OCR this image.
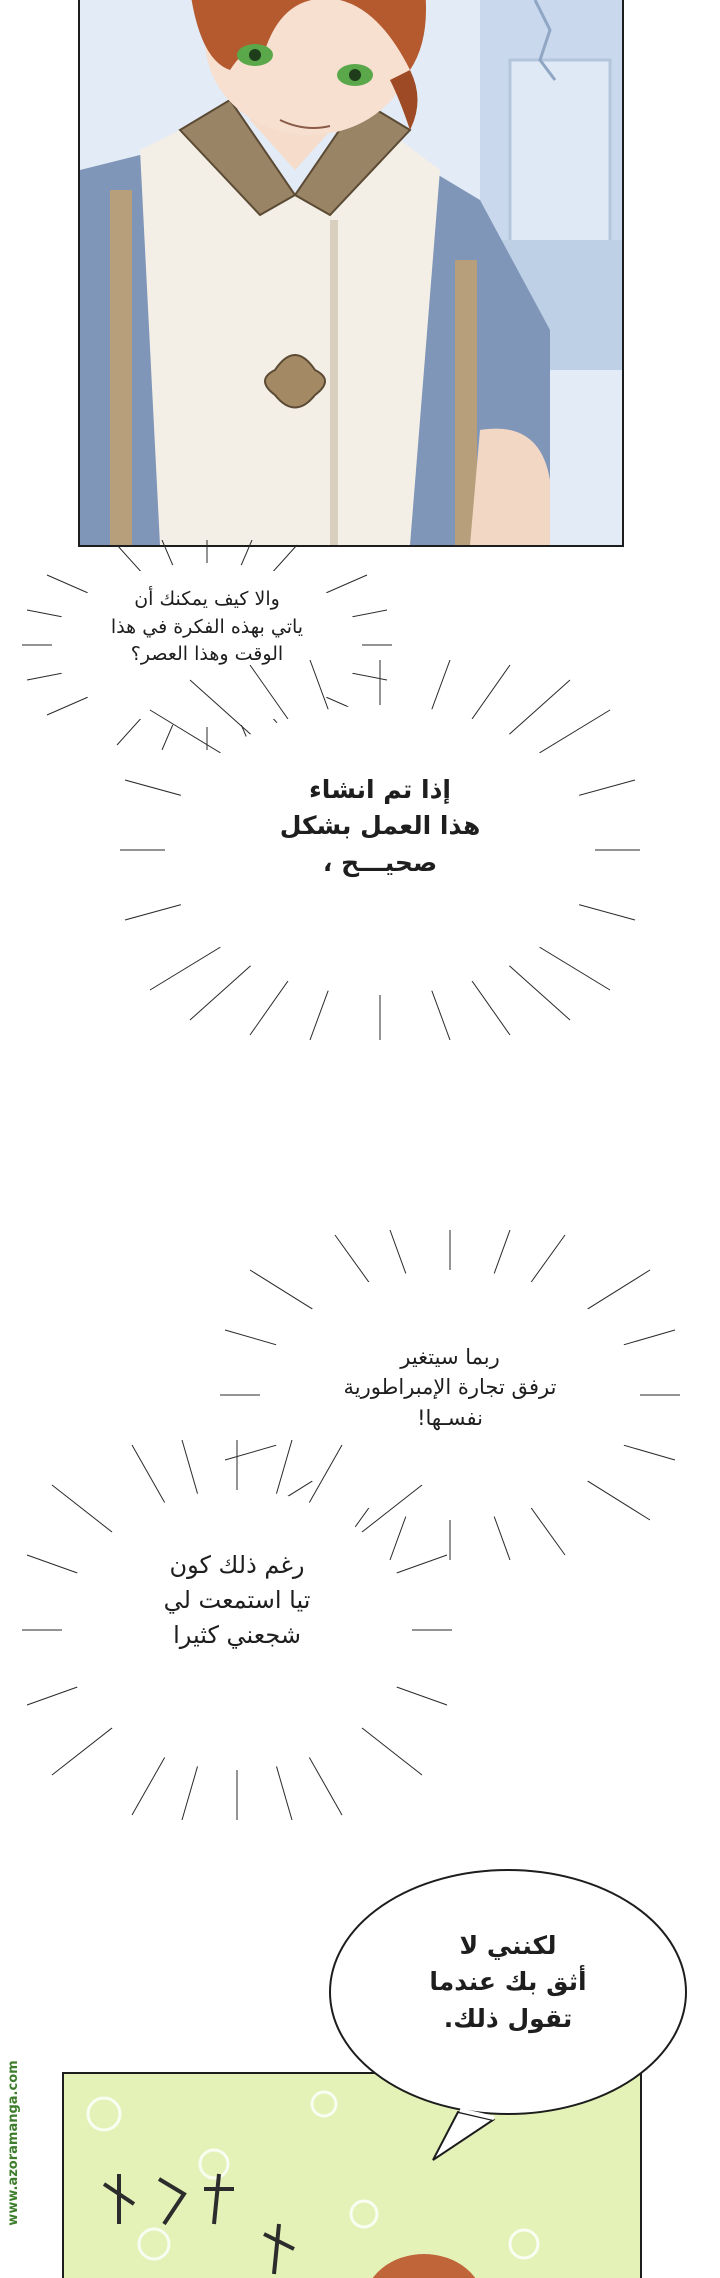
والا كيف يمكنك أن
ياتي بهذه الفكرة في هذا
الوقت وهذا العصر؟
إذا تم انشاء
هذا العمل بشكل
صحيـــح ،
ربما سيتغير
ترفق تجارة الإمبراطورية
نفسـها!
رغم ذلك كون
تيا استمعت لي
شجعني كثيرا
لكنني لا
أثق بك عندما
تقول ذلك.
www.azoramanga.com
